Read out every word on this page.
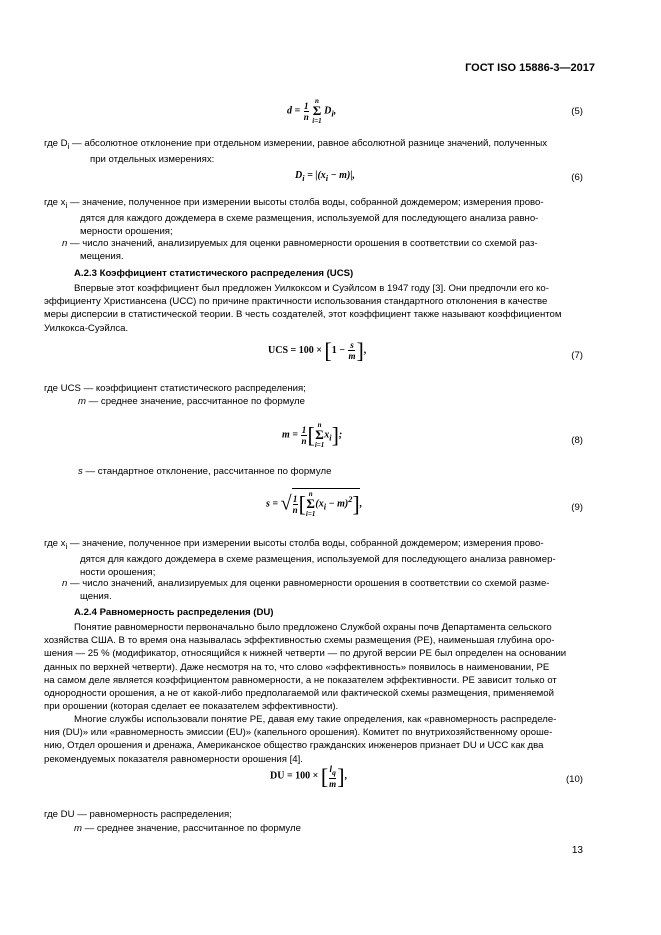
ГОСТ ISO 15886-3—2017
$d = \frac{1}{n}$
n
Σ
i=1
$D_i$,	(5)
где $D_i$ — абсолютное отклонение при отдельном измерении, равное абсолютной разнице значений, полученных
при отдельных измерениях:
$D_i = |(x_i - m)|$,	(6)
где $x_i$ — значение, полученное при измерении высоты столба воды, собранной дождемером; измерения прово-
дятся для каждого дождемера в схеме размещения, используемой для последующего анализа равно-
мерности орошения;
n — число значений, анализируемых для оценки равномерности орошения в соответствии со схемой раз-
мещения.
А.2.3 Коэффициент статистического распределения (UCS)
Впервые этот коэффициент был предложен Уилкоксом и Суэйлсом в 1947 году [3]. Они предпочли его ко-
эффициенту Христиансена (UCC) по причине практичности использования стандартного отклонения в качестве
меры дисперсии в статистической теории. В честь создателей, этот коэффициент также называют коэффициентом
Уилкокса-Суэйлса.
UCS = $100 \times [1 - \frac{s}{m}$ ],	(7)
где UCS — коэффициент статистического распределения;
m — среднее значение, рассчитанное по формуле
$m = \frac{1}{n}$ [ n
Σ
i=1
$x_i$];
(8)
s — стандартное отклонение, рассчитанное по формуле
s = √ $\frac{1}{n}$ [ n
Σ
i=1
$(x_i - m)^2$],	(9)
где $x_i$ — значение, полученное при измерении высоты столба воды, собранной дождемером; измерения прово-
дятся для каждого дождемера в схеме размещения, используемой для последующего анализа равномер-
ности орошения;
n — число значений, анализируемых для оценки равномерности орошения в соответствии со схемой разме-
щения.
А.2.4 Равномерность распределения (DU)
Понятие равномерности первоначально было предложено Службой охраны почв Департамента сельского
хозяйства США. В то время она называлась эффективностью схемы размещения (PE), наименьшая глубина оро-
шения — 25 % (модификатор, относящийся к нижней четверти — по другой версии PE был определен на основании
данных по верхней четверти). Даже несмотря на то, что слово «эффективность» появилось в наименовании, PE
на самом деле является коэффициентом равномерности, а не показателем эффективности. PE зависит только от
однородности орошения, а не от какой-либо предполагаемой или фактической схемы размещения, применяемой
при орошении (которая сделает ее показателем эффективности).
Многие службы использовали понятие PE, давая ему такие определения, как «равномерность распределе-
ния (DU)» или «равномерность эмиссии (EU)» (капельного орошения). Комитет по внутрихозяйственному ороше-
нию, Отдел орошения и дренажа, Американское общество гражданских инженеров признает DU и UCC как два
рекомендуемых показателя равномерности орошения [4].
DU = 100 × [ $\frac{l_q}{m}$ ],	(10)
где DU — равномерность распределения;
m — среднее значение, рассчитанное по формуле
13
